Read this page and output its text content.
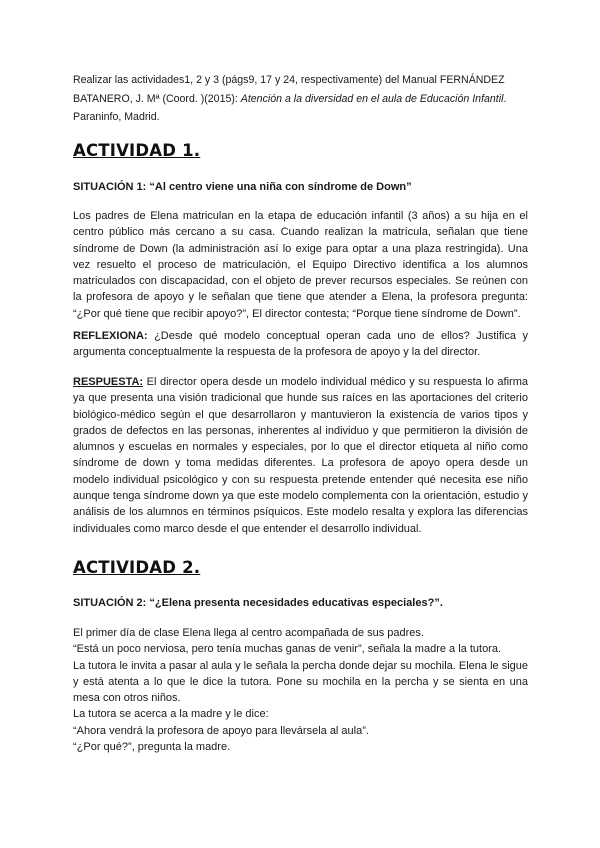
Realizar las actividades1, 2 y 3 (págs9, 17 y 24, respectivamente) del Manual FERNÁNDEZ BATANERO, J. Mª (Coord. )(2015): Atención a la diversidad en el aula de Educación Infantil. Paraninfo, Madrid.
ACTIVIDAD 1.
SITUACIÓN 1: “Al centro viene una niña con síndrome de Down”

Los padres de Elena matriculan en la etapa de educación infantil (3 años) a su hija en el centro público más cercano a su casa. Cuando realizan la matrícula, señalan que tiene síndrome de Down (la administración así lo exige para optar a una plaza restringida). Una vez resuelto el proceso de matriculación, el Equipo Directivo identifica a los alumnos matriculados con discapacidad, con el objeto de prever recursos especiales. Se reúnen con la profesora de apoyo y le señalan que tiene que atender a Elena, la profesora pregunta: “¿Por qué tiene que recibir apoyo?”, El director contesta; “Porque tiene síndrome de Down”.

REFLEXIONA: ¿Desde qué modelo conceptual operan cada uno de ellos? Justifica y argumenta conceptualmente la respuesta de la profesora de apoyo y la del director.

RESPUESTA: El director opera desde un modelo individual médico y su respuesta lo afirma ya que presenta una visión tradicional que hunde sus raíces en las aportaciones del criterio biológico-médico según el que desarrollaron y mantuvieron la existencia de varios tipos y grados de defectos en las personas, inherentes al individuo y que permitieron la división de alumnos y escuelas en normales y especiales, por lo que el director etiqueta al niño como síndrome de down y toma medidas diferentes. La profesora de apoyo opera desde un modelo individual psicológico y con su respuesta pretende entender qué necesita ese niño aunque tenga síndrome down ya que este modelo complementa con la orientación, estudio y análisis de los alumnos en términos psíquicos. Este modelo resalta y explora las diferencias individuales como marco desde el que entender el desarrollo individual.

ACTIVIDAD 2.
SITUACIÓN 2: “¿Elena presenta necesidades educativas especiales?”.

El primer día de clase Elena llega al centro acompañada de sus padres.

“Está un poco nerviosa, pero tenía muchas ganas de venir”, señala la madre a la tutora.

La tutora le invita a pasar al aula y le señala la percha donde dejar su mochila. Elena le sigue y está atenta a lo que le dice la tutora. Pone su mochila en la percha y se sienta en una mesa con otros niños.

La tutora se acerca a la madre y le dice:

“Ahora vendrá la profesora de apoyo para llevársela al aula”.

“¿Por qué?”, pregunta la madre.
